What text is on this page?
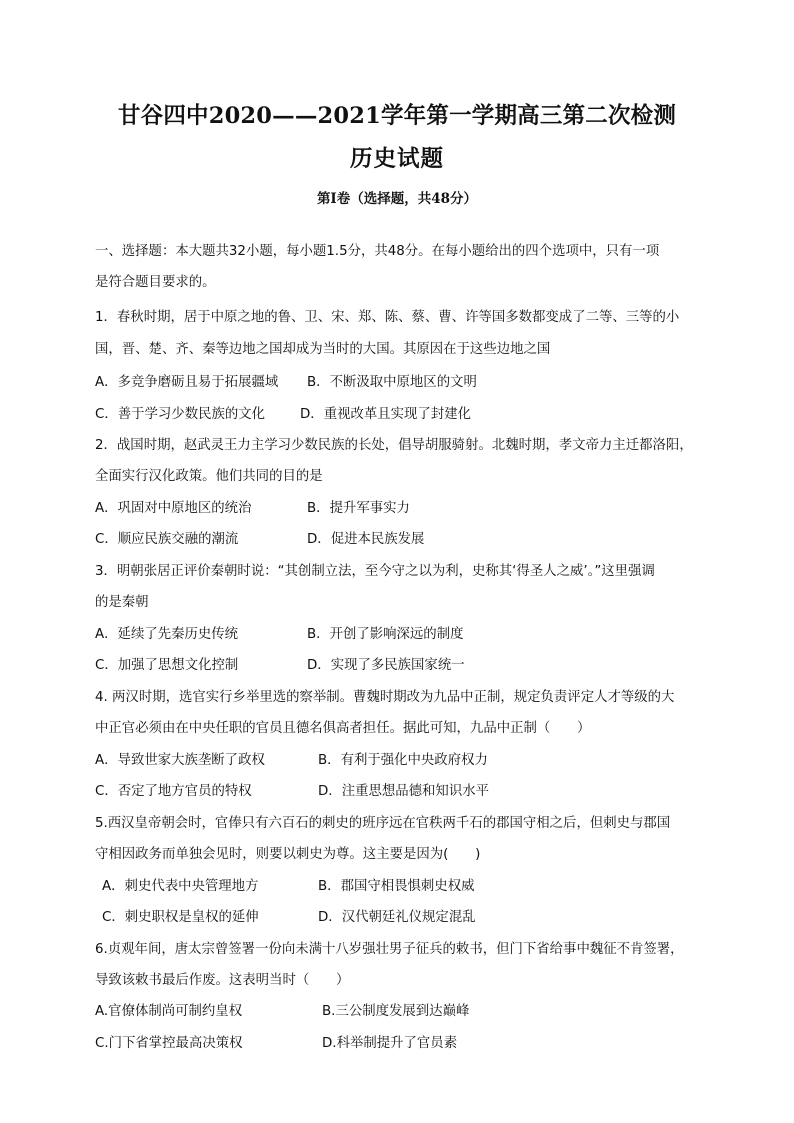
甘谷四中2020——2021学年第一学期高三第二次检测
历史试题
第Ⅰ卷（选择题，共48分）
一、选择题：本大题共32小题，每小题1.5分，共48分。在每小题给出的四个选项中，只有一项
是符合题目要求的。
1．春秋时期，居于中原之地的鲁、卫、宋、郑、陈、蔡、曹、许等国多数都变成了二等、三等的小
国，晋、楚、齐、秦等边地之国却成为当时的大国。其原因在于这些边地之国
A．多竞争磨砺且易于拓展疆域 B．不断汲取中原地区的文明
C．善于学习少数民族的文化	D．重视改革且实现了封建化
2．战国时期，赵武灵王力主学习少数民族的长处，倡导胡服骑射。北魏时期，孝文帝力主迁都洛阳，
全面实行汉化政策。他们共同的目的是
A．巩固对中原地区的统治	B．提升军事实力
C．顺应民族交融的潮流	D．促进本民族发展
3．明朝张居正评价秦朝时说：“其创制立法，至今守之以为利，史称其‘得圣人之威’。”这里强调
的是秦朝
A．延续了先秦历史传统	B．开创了影响深远的制度
C．加强了思想文化控制	D．实现了多民族国家统一
4. 两汉时期，选官实行乡举里选的察举制。曹魏时期改为九品中正制，规定负责评定人才等级的大
中正官必须由在中央任职的官员且德名俱高者担任。据此可知，九品中正制（　　）
A．导致世家大族垄断了政权	B．有利于强化中央政府权力
C．否定了地方官员的特权	D．注重思想品德和知识水平
5.西汉皇帝朝会时，官俸只有六百石的刺史的班序远在官秩两千石的郡国守相之后，但刺史与郡国
守相因政务而单独会见时，则要以刺史为尊。这主要是因为(　　)
A．刺史代表中央管理地方	B．郡国守相畏惧刺史权威
C．刺史职权是皇权的延伸	D．汉代朝廷礼仪规定混乱
6.贞观年间，唐太宗曾签署一份向未满十八岁强壮男子征兵的敕书，但门下省给事中魏征不肯签署，
导致该敕书最后作废。这表明当时（　　）
A.官僚体制尚可制约皇权	B.三公制度发展到达巅峰
C.门下省掌控最高决策权	D.科举制提升了官员素
